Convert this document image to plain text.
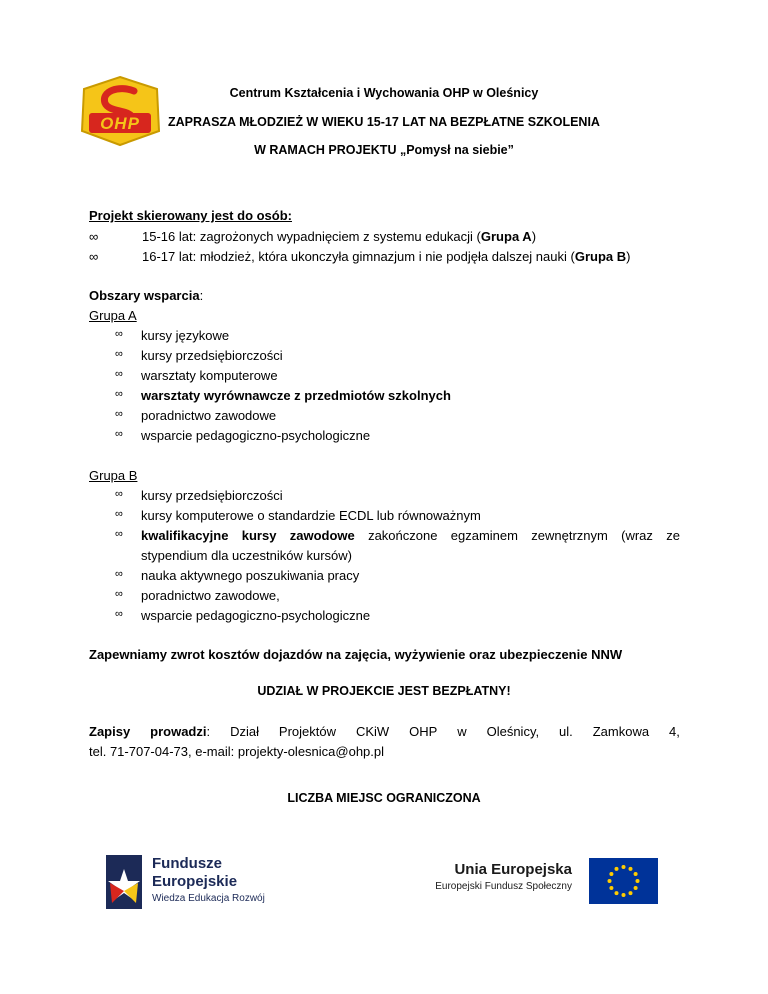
OHP
Centrum Kształcenia i Wychowania OHP w Oleśnicy
ZAPRASZA MŁODZIEŻ W WIEKU 15-17 LAT NA BEZPŁATNE SZKOLENIA
W RAMACH PROJEKTU „Pomysł na siebie”
Projekt skierowany jest do osób:
∞	15-16 lat: zagrożonych wypadnięciem z systemu edukacji (Grupa A)
∞	16-17 lat: młodzież, która ukonczyła gimnazjum i nie podjęła dalszej nauki (Grupa B)
Obszary wsparcia:
Grupa A
∞ kursy językowe
∞ kursy przedsiębiorczości
∞ warsztaty komputerowe
∞ warsztaty wyrównawcze z przedmiotów szkolnych
∞ poradnictwo zawodowe
∞ wsparcie pedagogiczno-psychologiczne
Grupa B
∞ kursy przedsiębiorczości
∞ kursy komputerowe o standardzie ECDL lub równoważnym
∞ kwalifikacyjne kursy zawodowe zakończone egzaminem zewnętrznym (wraz ze
stypendium dla uczestników kursów)
∞ nauka aktywnego poszukiwania pracy
∞ poradnictwo zawodowe,
∞ wsparcie pedagogiczno-psychologiczne
Zapewniamy zwrot kosztów dojazdów na zajęcia, wyżywienie oraz ubezpieczenie NNW
UDZIAŁ W PROJEKCIE JEST BEZPŁATNY!
Zapisy prowadzi: Dział Projektów CKiW OHP w Oleśnicy, ul. Zamkowa 4,
tel. 71-707-04-73, e-mail: projekty-olesnica@ohp.pl
LICZBA MIEJSC OGRANICZONA
Fundusze
Europejskie
Wiedza Edukacja Rozwój
Unia Europejska
Europejski Fundusz Społeczny
